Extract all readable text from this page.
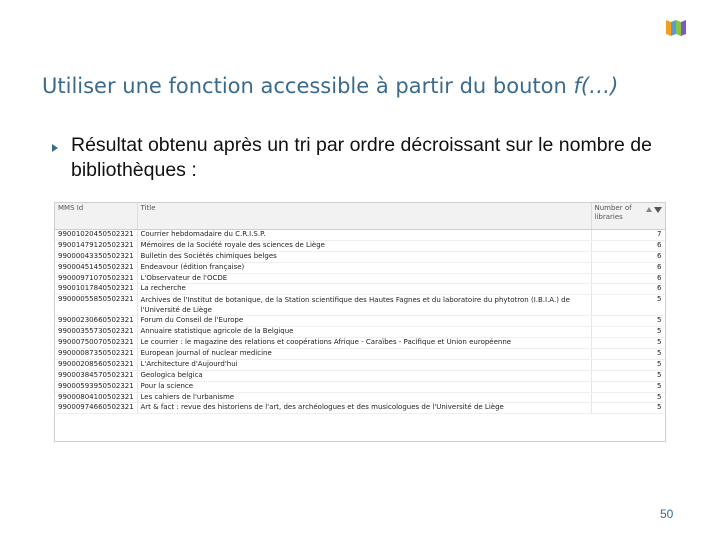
Utiliser une fonction accessible à partir du bouton f(…)
Résultat obtenu après un tri par ordre décroissant sur le nombre de bibliothèques :
MMS Id	Title	Number of libraries

99001020450502321	Courrier hebdomadaire du C.R.I.S.P.	7
99001479120502321	Mémoires de la Société royale des sciences de Liège	6
99000043350502321	Bulletin des Sociétés chimiques belges	6
99000451450502321	Endeavour (édition française)	6
99000971070502321	L'Observateur de l'OCDE	6
99001017840502321	La recherche	6
99000055850502321	Archives de l'Institut de botanique, de la Station scientifique des Hautes Fagnes et du laboratoire du phytotron (I.B.I.A.) de l'Université de Liège	5
99000230660502321	Forum du Conseil de l'Europe	5
99000355730502321	Annuaire statistique agricole de la Belgique	5
99000750070502321	Le courrier : le magazine des relations et coopérations Afrique - Caraïbes - Pacifique et Union européenne	5
99000087350502321	European journal of nuclear medicine	5
99000208560502321	L'Architecture d'Aujourd'hui	5
99000384570502321	Geologica belgica	5
99000593950502321	Pour la science	5
99000804100502321	Les cahiers de l'urbanisme	5
99000974660502321	Art & fact : revue des historiens de l'art, des archéologues et des musicologues de l'Université de Liège	5
50
